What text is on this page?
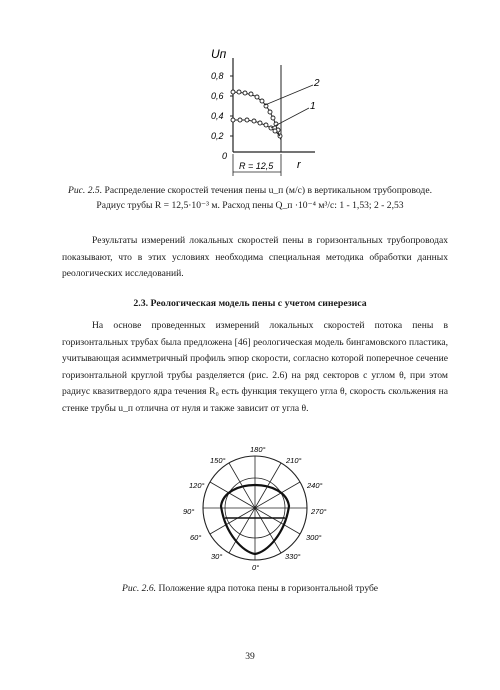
Uп
0,8
0,6
0,4
0,2
0
r
R = 12,5
2
1
Рис. 2.5. Распределение скоростей течения пены u_п (м/с) в вертикальном трубопроводе.
Радиус трубы R = 12,5·10⁻³ м. Расход пены Q_п ·10⁻⁴ м³/с: 1 - 1,53; 2 - 2,53
Результаты измерений локальных скоростей пены в горизонтальных трубопроводах показывают, что в этих условиях необходима специальная методика обработки данных реологических исследований.
2.3. Реологическая модель пены с учетом синерезиса
На основе проведенных измерений локальных скоростей потока пены в горизонтальных трубах была предложена [46] реологическая модель бингамовского пластика, учитывающая асимметричный профиль эпюр скорости, согласно которой поперечное сечение горизонтальной круглой трубы разделяется (рис. 2.6) на ряд секторов с углом θ, при этом радиус квазитвердого ядра течения R₀ есть функция текущего угла θ, скорость скольжения на стенке трубы u_п отлична от нуля и также зависит от угла θ.
180°
150°	210°
120°	240°
90°	270°
60°	300°
30°	330°
0°
Рис. 2.6. Положение ядра потока пены в горизонтальной трубе
39
